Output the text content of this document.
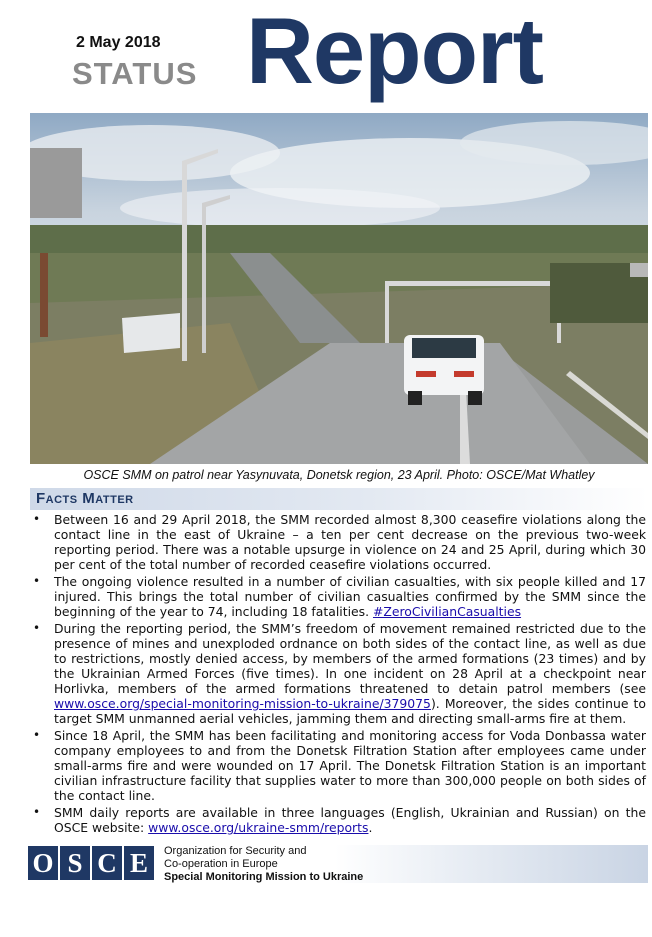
2 May 2018
STATUS Report
OSCE SMM on patrol near Yasynuvata, Donetsk region, 23 April. Photo: OSCE/Mat Whatley
Facts Matter
• Between 16 and 29 April 2018, the SMM recorded almost 8,300 ceasefire violations along the contact line in the east of Ukraine – a ten per cent decrease on the previous two-week reporting period. There was a notable upsurge in violence on 24 and 25 April, during which 30 per cent of the total number of recorded ceasefire violations occurred.
• The ongoing violence resulted in a number of civilian casualties, with six people killed and 17 injured. This brings the total number of civilian casualties confirmed by the SMM since the beginning of the year to 74, including 18 fatalities. #ZeroCivilianCasualties
• During the reporting period, the SMM’s freedom of movement remained restricted due to the presence of mines and unexploded ordnance on both sides of the contact line, as well as due to restrictions, mostly denied access, by members of the armed formations (23 times) and by the Ukrainian Armed Forces (five times). In one incident on 28 April at a checkpoint near Horlivka, members of the armed formations threatened to detain patrol members (see www.osce.org/special-monitoring-mission-to-ukraine/379075). Moreover, the sides continue to target SMM unmanned aerial vehicles, jamming them and directing small-arms fire at them.
• Since 18 April, the SMM has been facilitating and monitoring access for Voda Donbassa water company employees to and from the Donetsk Filtration Station after employees came under small-arms fire and were wounded on 17 April. The Donetsk Filtration Station is an important civilian infrastructure facility that supplies water to more than 300,000 people on both sides of the contact line.
• SMM daily reports are available in three languages (English, Ukrainian and Russian) on the OSCE website: www.osce.org/ukraine-smm/reports.
O S C E	Organization for Security and
Co-operation in Europe
Special Monitoring Mission to Ukraine
